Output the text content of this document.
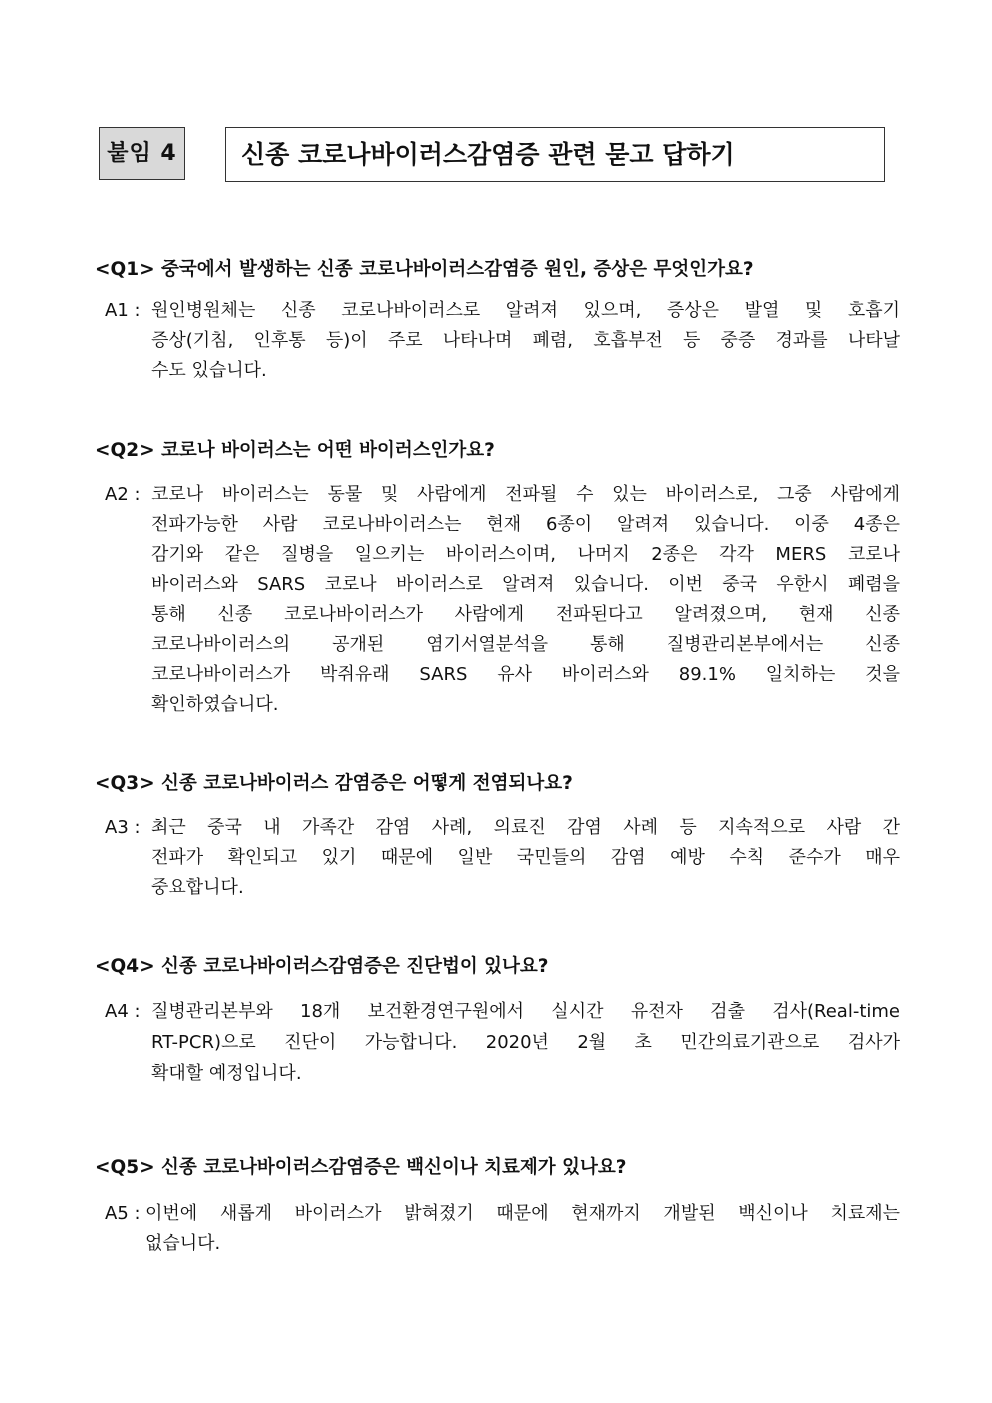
붙임 4	신종 코로나바이러스감염증 관련 묻고 답하기

<Q1> 중국에서 발생하는 신종 코로나바이러스감염증 원인, 증상은 무엇인가요?

A1 : 원인병원체는 신종 코로나바이러스로 알려져 있으며, 증상은 발열 및 호흡기
증상(기침, 인후통 등)이 주로 나타나며 폐렴, 호흡부전 등 중증 경과를 나타날
수도 있습니다.

<Q2> 코로나 바이러스는 어떤 바이러스인가요?

A2 : 코로나 바이러스는 동물 및 사람에게 전파될 수 있는 바이러스로, 그중 사람에게
전파가능한 사람 코로나바이러스는 현재 6종이 알려져 있습니다. 이중 4종은
감기와 같은 질병을 일으키는 바이러스이며, 나머지 2종은 각각 MERS 코로나
바이러스와 SARS 코로나 바이러스로 알려져 있습니다. 이번 중국 우한시 폐렴을
통해 신종 코로나바이러스가 사람에게 전파된다고 알려졌으며, 현재 신종
코로나바이러스의 공개된 염기서열분석을 통해 질병관리본부에서는 신종
코로나바이러스가 박쥐유래 SARS 유사 바이러스와 89.1% 일치하는 것을
확인하였습니다.

<Q3> 신종 코로나바이러스 감염증은 어떻게 전염되나요?

A3 : 최근 중국 내 가족간 감염 사례, 의료진 감염 사례 등 지속적으로 사람 간
전파가 확인되고 있기 때문에 일반 국민들의 감염 예방 수칙 준수가 매우
중요합니다.

<Q4> 신종 코로나바이러스감염증은 진단법이 있나요?

A4 : 질병관리본부와 18개 보건환경연구원에서 실시간 유전자 검출 검사(Real-time
RT-PCR)으로 진단이 가능합니다. 2020년 2월 초 민간의료기관으로 검사가
확대할 예정입니다.

<Q5> 신종 코로나바이러스감염증은 백신이나 치료제가 있나요?

A5 : 이번에 새롭게 바이러스가 밝혀졌기 때문에 현재까지 개발된 백신이나 치료제는
없습니다.
